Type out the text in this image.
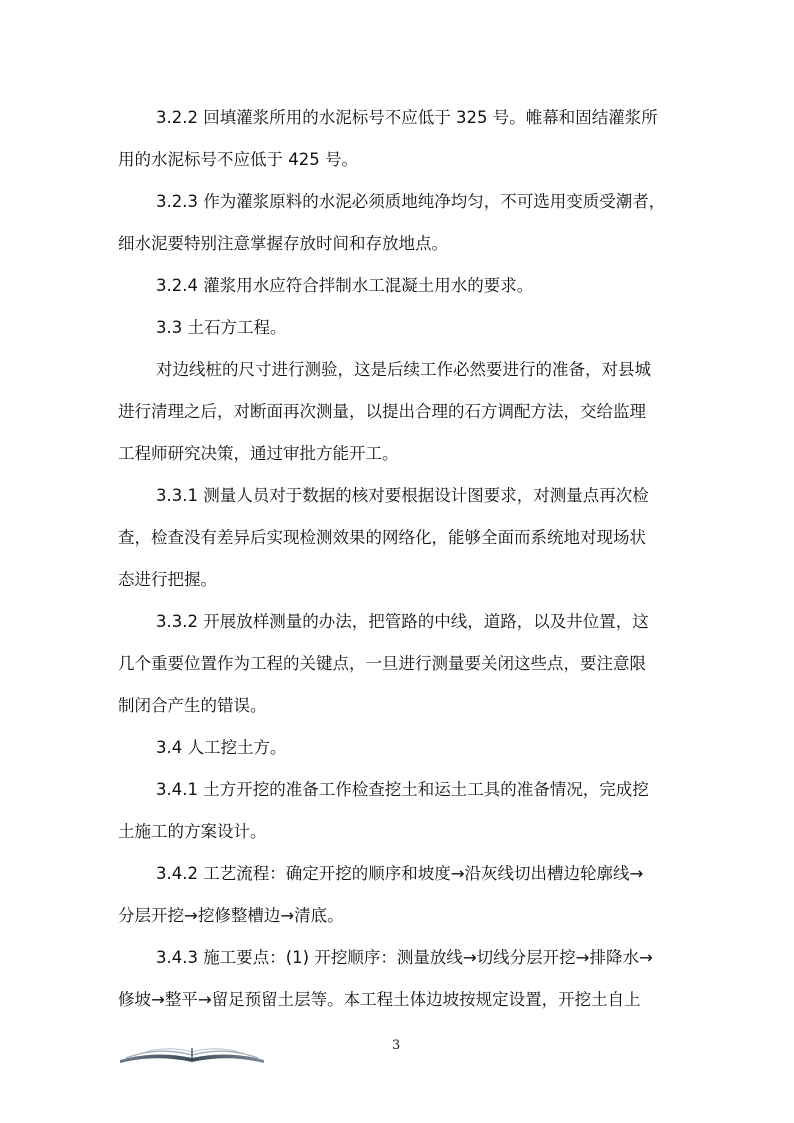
3.2.2 回填灌浆所用的水泥标号不应低于 325 号。帷幕和固结灌浆所
用的水泥标号不应低于 425 号。

3.2.3 作为灌浆原料的水泥必须质地纯净均匀，不可选用变质受潮者，
细水泥要特别注意掌握存放时间和存放地点。

3.2.4 灌浆用水应符合拌制水工混凝土用水的要求。

3.3 土石方工程。

对边线桩的尺寸进行测验，这是后续工作必然要进行的准备，对县城
进行清理之后，对断面再次测量，以提出合理的石方调配方法，交给监理
工程师研究决策，通过审批方能开工。

3.3.1 测量人员对于数据的核对要根据设计图要求，对测量点再次检
查，检查没有差异后实现检测效果的网络化，能够全面而系统地对现场状
态进行把握。

3.3.2 开展放样测量的办法，把管路的中线，道路，以及井位置，这
几个重要位置作为工程的关键点，一旦进行测量要关闭这些点，要注意限
制闭合产生的错误。

3.4 人工挖土方。

3.4.1 土方开挖的准备工作检查挖土和运土工具的准备情况，完成挖
土施工的方案设计。

3.4.2 工艺流程：确定开挖的顺序和坡度→沿灰线切出槽边轮廓线→
分层开挖→挖修整槽边→清底。

3.4.3 施工要点：(1) 开挖顺序：测量放线→切线分层开挖→排降水→
修坡→整平→留足预留土层等。本工程土体边坡按规定设置，开挖土自上

3
